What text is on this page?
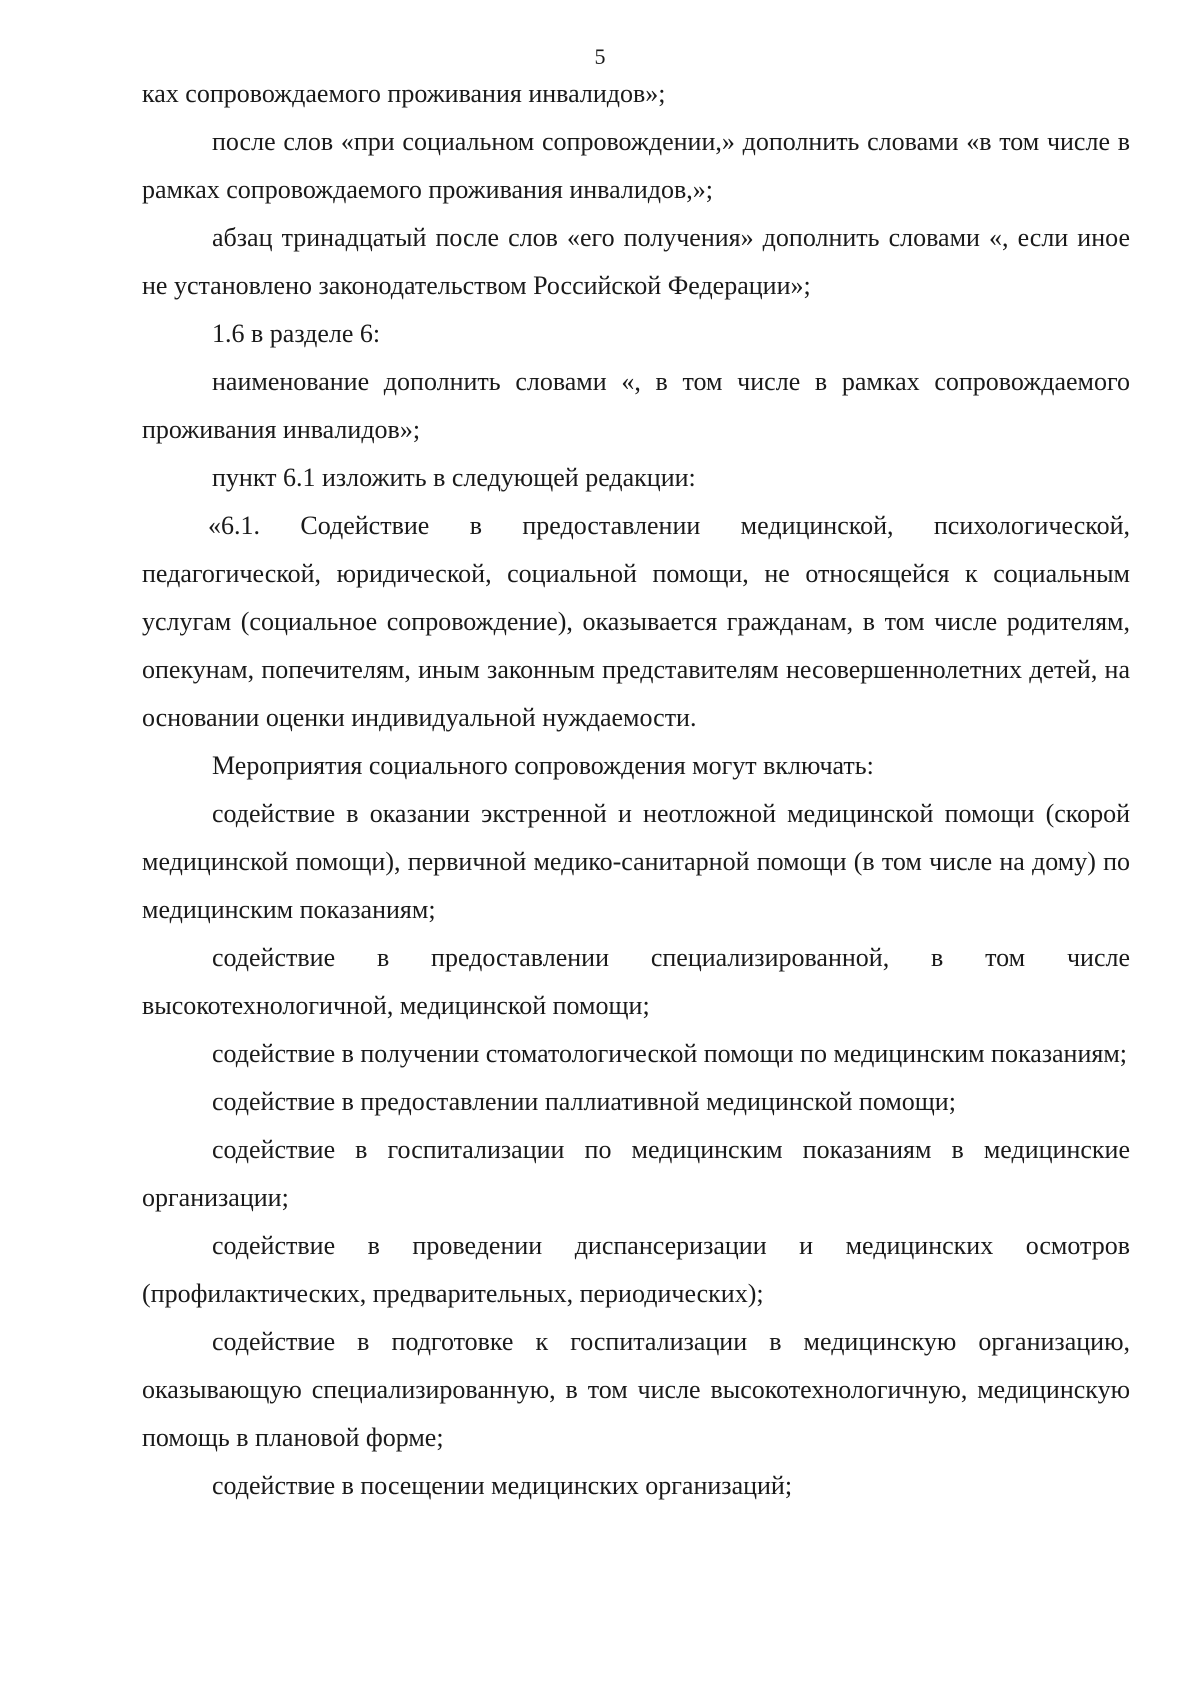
5

ках сопровождаемого проживания инвалидов»;

после слов «при социальном сопровождении,» дополнить словами «в том числе в рамках сопровождаемого проживания инвалидов,»;

абзац тринадцатый после слов «его получения» дополнить словами «, если иное не установлено законодательством Российской Федерации»;

1.6 в разделе 6:

наименование дополнить словами «, в том числе в рамках сопровождаемого проживания инвалидов»;

пункт 6.1 изложить в следующей редакции:

«6.1. Содействие в предоставлении медицинской, психологической, педагогической, юридической, социальной помощи, не относящейся к социальным услугам (социальное сопровождение), оказывается гражданам, в том числе родителям, опекунам, попечителям, иным законным представителям несовершеннолетних детей, на основании оценки индивидуальной нуждаемости.

Мероприятия социального сопровождения могут включать:

содействие в оказании экстренной и неотложной медицинской помощи (скорой медицинской помощи), первичной медико-санитарной помощи (в том числе на дому) по медицинским показаниям;

содействие в предоставлении специализированной, в том числе высокотехнологичной, медицинской помощи;

содействие в получении стоматологической помощи по медицинским показаниям;

содействие в предоставлении паллиативной медицинской помощи;

содействие в госпитализации по медицинским показаниям в медицинские организации;

содействие в проведении диспансеризации и медицинских осмотров (профилактических, предварительных, периодических);

содействие в подготовке к госпитализации в медицинскую организацию, оказывающую специализированную, в том числе высокотехнологичную, медицинскую помощь в плановой форме;

содействие в посещении медицинских организаций;
